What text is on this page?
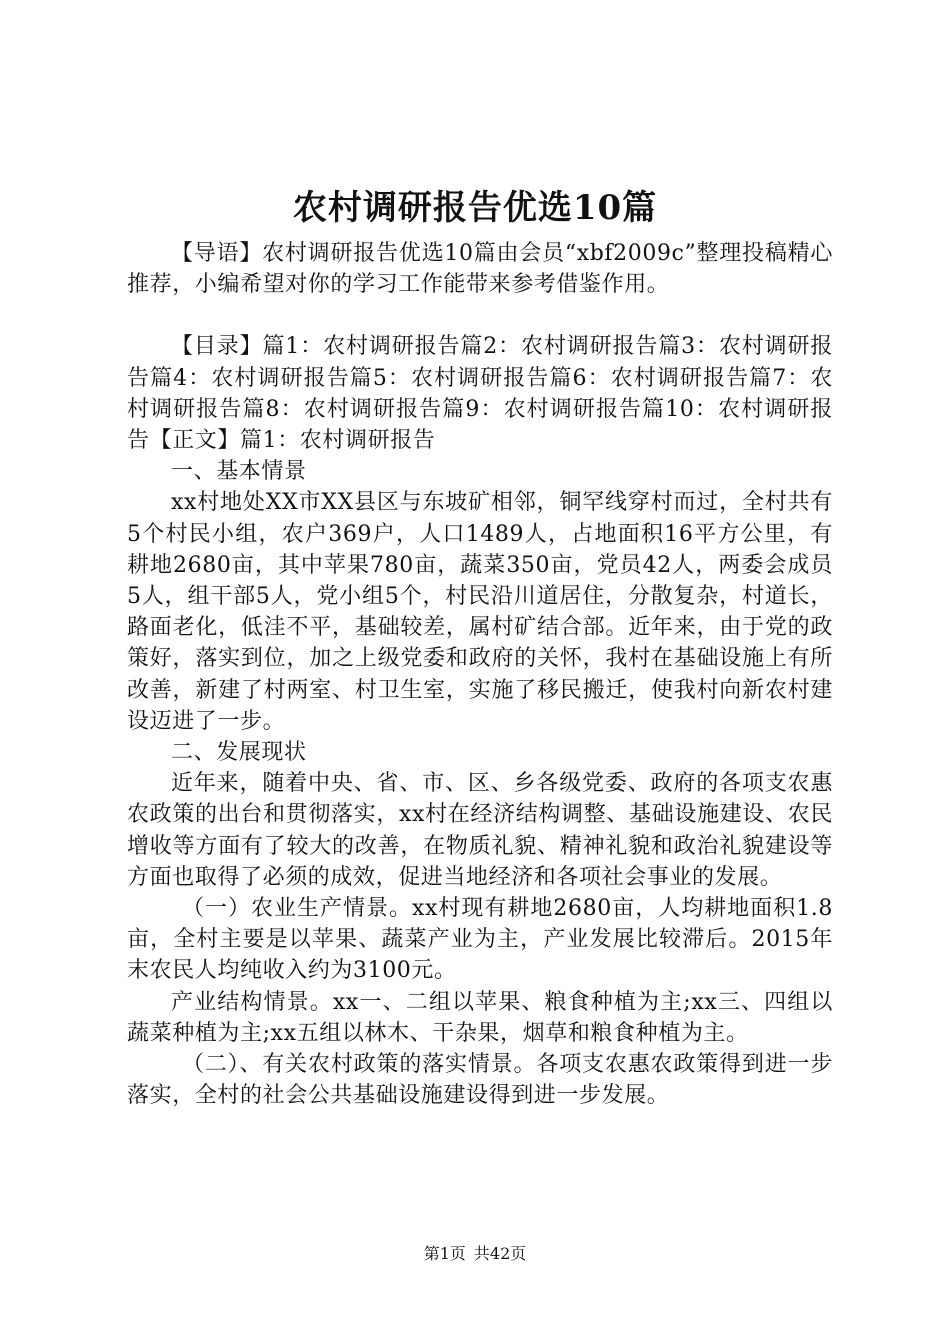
农村调研报告优选10篇

【导语】农村调研报告优选10篇由会员“xbf2009c”整理投稿精心推荐，小编希望对你的学习工作能带来参考借鉴作用。

【目录】篇1：农村调研报告篇2：农村调研报告篇3：农村调研报告篇4：农村调研报告篇5：农村调研报告篇6：农村调研报告篇7：农村调研报告篇8：农村调研报告篇9：农村调研报告篇10：农村调研报告【正文】篇1：农村调研报告

一、基本情景

xx村地处XX市XX县区与东坡矿相邻，铜罕线穿村而过，全村共有5个村民小组，农户369户，人口1489人，占地面积16平方公里，有耕地2680亩，其中苹果780亩，蔬菜350亩，党员42人，两委会成员5人，组干部5人，党小组5个，村民沿川道居住，分散复杂，村道长，路面老化，低洼不平，基础较差，属村矿结合部。近年来，由于党的政策好，落实到位，加之上级党委和政府的关怀，我村在基础设施上有所改善，新建了村两室、村卫生室，实施了移民搬迁，使我村向新农村建设迈进了一步。

二、发展现状

近年来，随着中央、省、市、区、乡各级党委、政府的各项支农惠农政策的出台和贯彻落实，xx村在经济结构调整、基础设施建设、农民增收等方面有了较大的改善，在物质礼貌、精神礼貌和政治礼貌建设等方面也取得了必须的成效，促进当地经济和各项社会事业的发展。

（一）农业生产情景。xx村现有耕地2680亩，人均耕地面积1.8亩，全村主要是以苹果、蔬菜产业为主，产业发展比较滞后。2015年末农民人均纯收入约为3100元。

产业结构情景。xx一、二组以苹果、粮食种植为主;xx三、四组以蔬菜种植为主;xx五组以林木、干杂果，烟草和粮食种植为主。

（二）、有关农村政策的落实情景。各项支农惠农政策得到进一步落实，全村的社会公共基础设施建设得到进一步发展。

第1页 共42页
